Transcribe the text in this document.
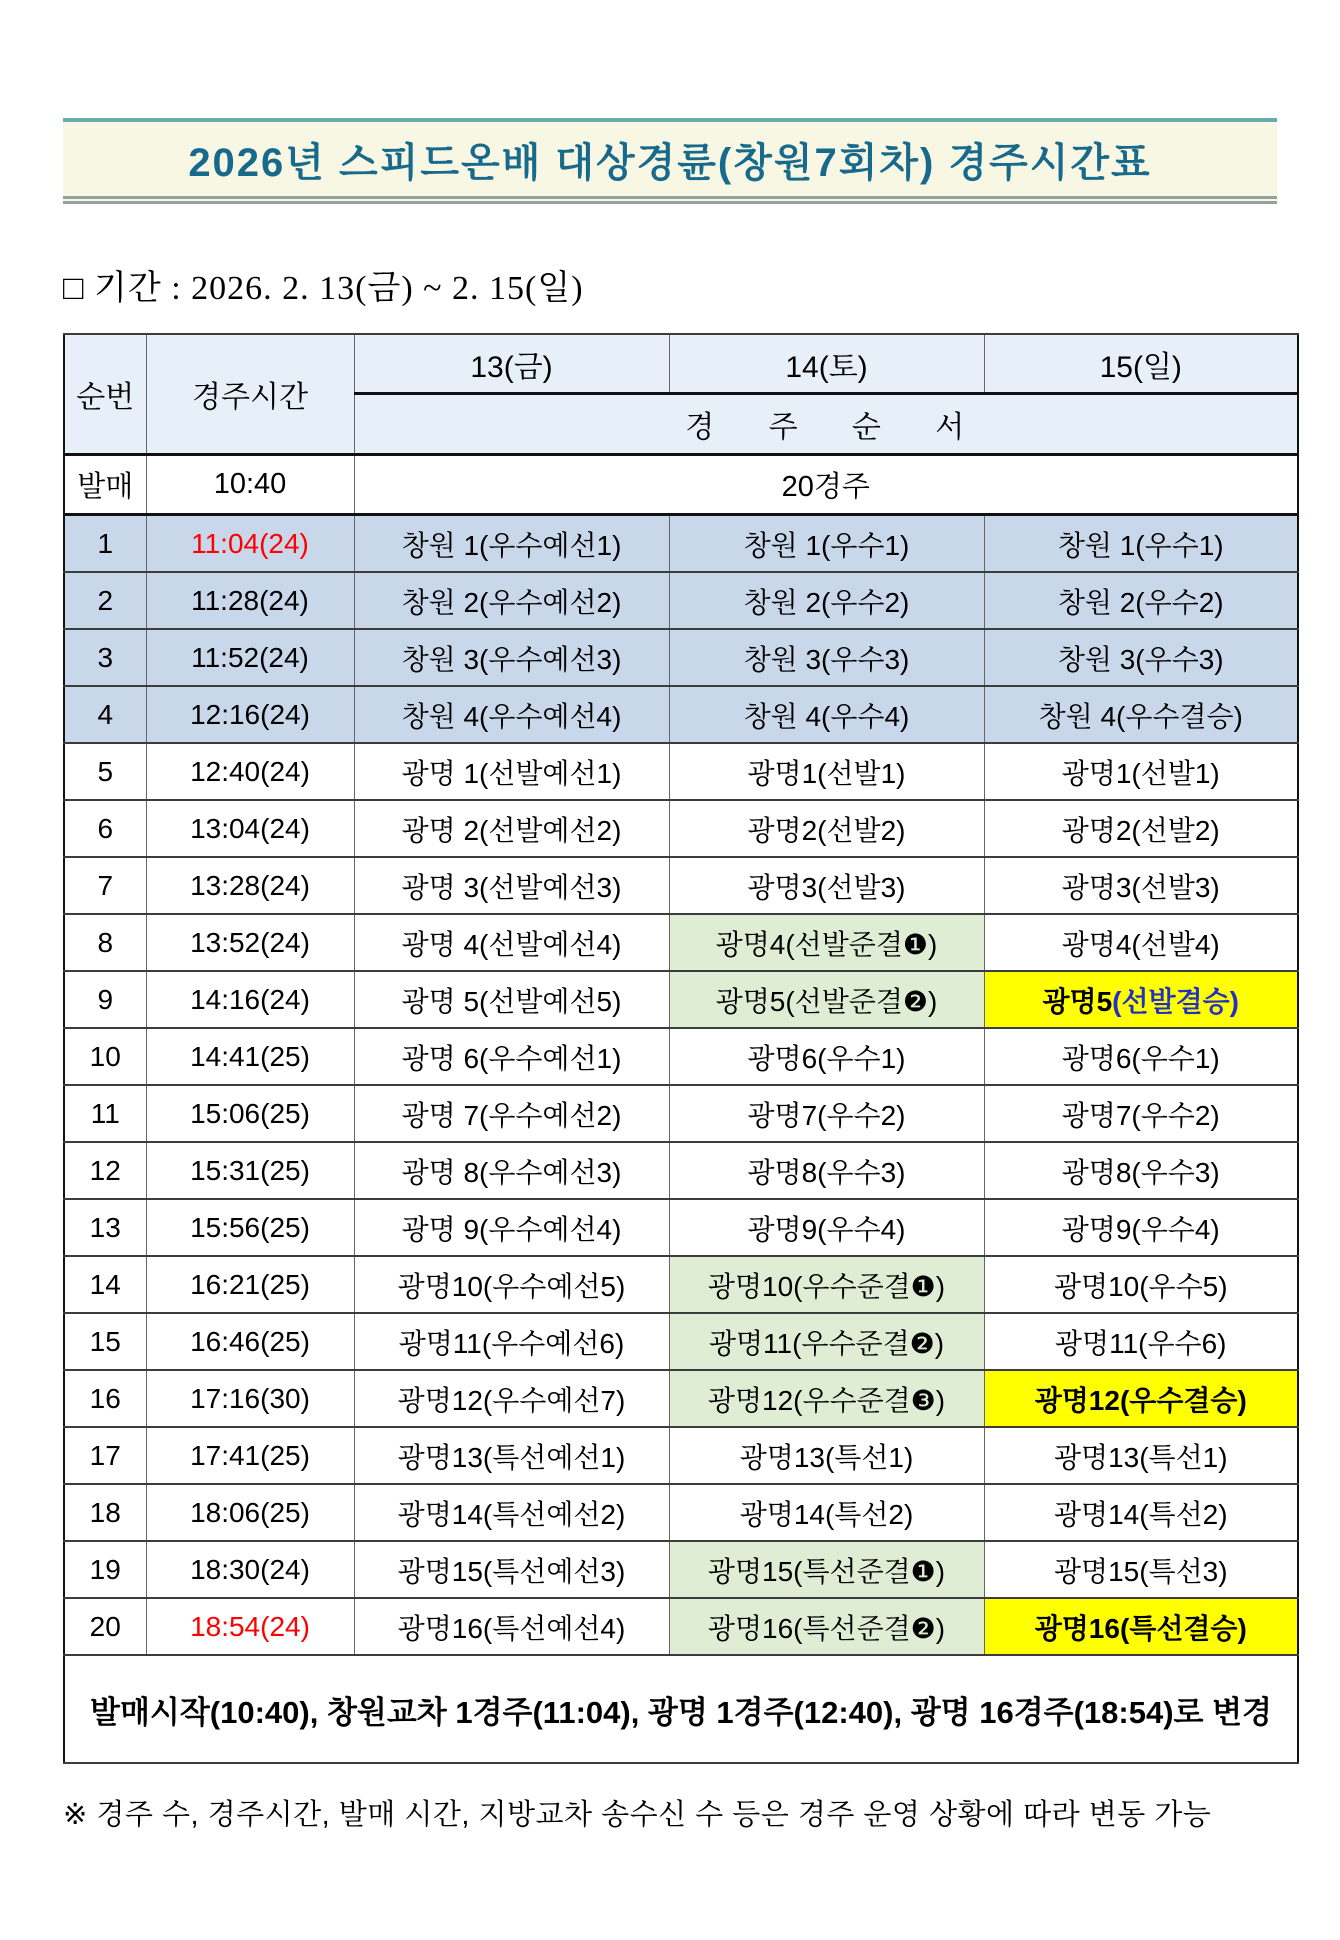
2026년 스피드온배 대상경륜(창원7회차) 경주시간표
□ 기간 : 2026. 2. 13(금) ~ 2. 15(일)
순번	경주시간	13(금)	14(토)	15(일)
		경 주 순 서		
발매	10:40	20경주		
1	11:04(24)	창원 1(우수예선1)	창원 1(우수1)	창원 1(우수1)
2	11:28(24)	창원 2(우수예선2)	창원 2(우수2)	창원 2(우수2)
3	11:52(24)	창원 3(우수예선3)	창원 3(우수3)	창원 3(우수3)
4	12:16(24)	창원 4(우수예선4)	창원 4(우수4)	창원 4(우수결승)
5	12:40(24)	광명 1(선발예선1)	광명1(선발1)	광명1(선발1)
6	13:04(24)	광명 2(선발예선2)	광명2(선발2)	광명2(선발2)
7	13:28(24)	광명 3(선발예선3)	광명3(선발3)	광명3(선발3)
8	13:52(24)	광명 4(선발예선4)	광명4(선발준결❶)	광명4(선발4)
9	14:16(24)	광명 5(선발예선5)	광명5(선발준결❷)	광명5(선발결승)
10	14:41(25)	광명 6(우수예선1)	광명6(우수1)	광명6(우수1)
11	15:06(25)	광명 7(우수예선2)	광명7(우수2)	광명7(우수2)
12	15:31(25)	광명 8(우수예선3)	광명8(우수3)	광명8(우수3)
13	15:56(25)	광명 9(우수예선4)	광명9(우수4)	광명9(우수4)
14	16:21(25)	광명10(우수예선5)	광명10(우수준결❶)	광명10(우수5)
15	16:46(25)	광명11(우수예선6)	광명11(우수준결❷)	광명11(우수6)
16	17:16(30)	광명12(우수예선7)	광명12(우수준결❸)	광명12(우수결승)
17	17:41(25)	광명13(특선예선1)	광명13(특선1)	광명13(특선1)
18	18:06(25)	광명14(특선예선2)	광명14(특선2)	광명14(특선2)
19	18:30(24)	광명15(특선예선3)	광명15(특선준결❶)	광명15(특선3)
20	18:54(24)	광명16(특선예선4)	광명16(특선준결❷)	광명16(특선결승)
발매시작(10:40), 창원교차 1경주(11:04), 광명 1경주(12:40), 광명 16경주(18:54)로 변경				
※ 경주 수, 경주시간, 발매 시간, 지방교차 송수신 수 등은 경주 운영 상황에 따라 변동 가능
